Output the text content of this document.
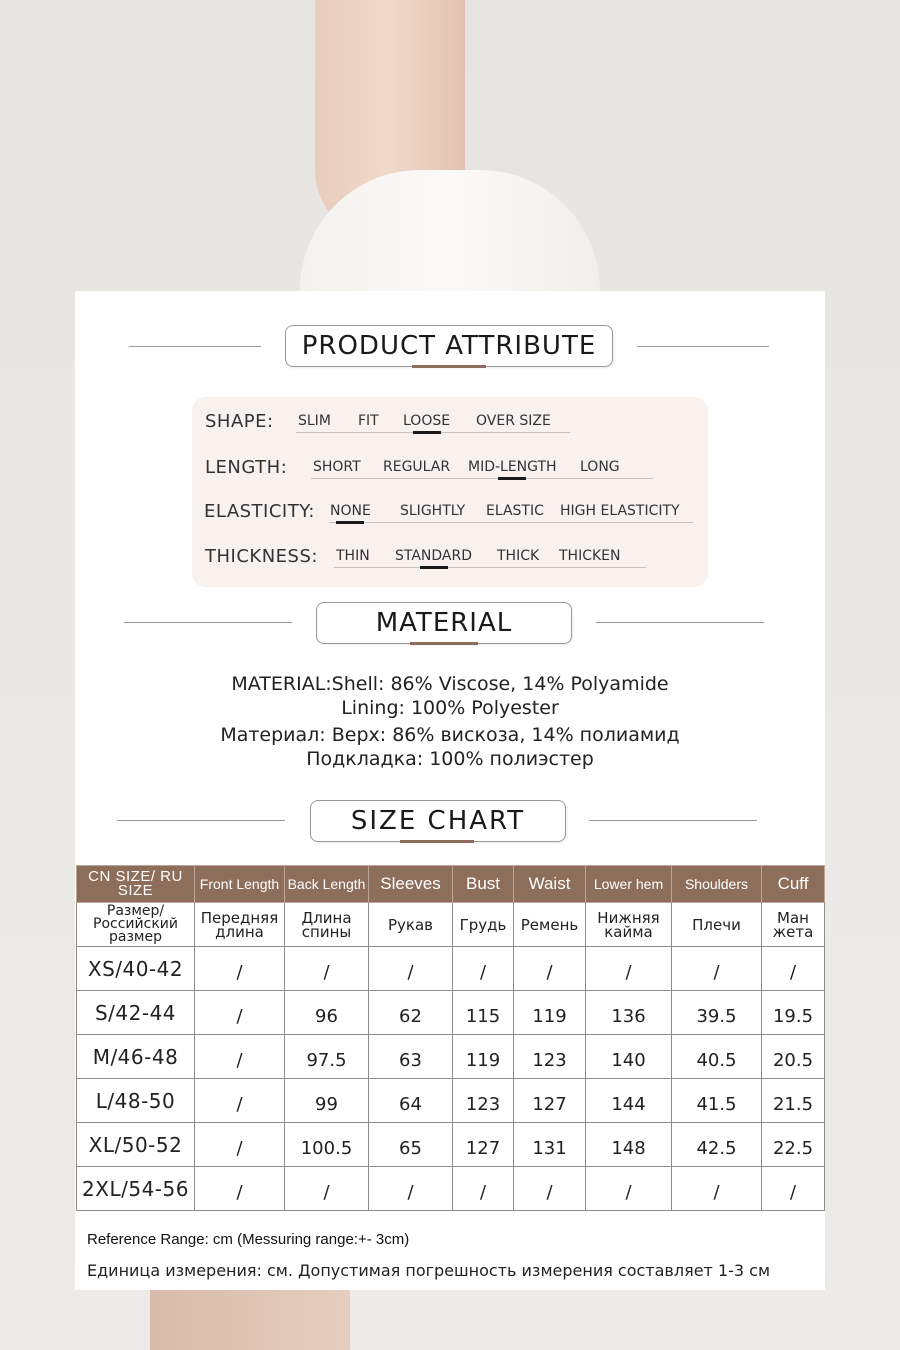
PRODUCT ATTRIBUTE
SHAPE: SLIM FIT LOOSE OVER SIZE
LENGTH: SHORT REGULAR MID-LENGTH LONG
ELASTICITY: NONE SLIGHTLY ELASTIC HIGH ELASTICITY
THICKNESS: THIN STANDARD THICK THICKEN
MATERIAL
MATERIAL:Shell: 86% Viscose, 14% Polyamide
Lining: 100% Polyester
Материал: Верх: 86% вискоза, 14% полиамид
Подкладка: 100% полиэстер
SIZE CHART
CN SIZE/ RU SIZE	Front Length	Back Length	Sleeves	Bust	Waist	Lower hem	Shoulders	Cuff
Размер/ Российский размер	Передняя длина	Длина спины	Рукав	Грудь	Ремень	Нижняя кайма	Плечи	Ман жета
XS/40-42	/	/	/	/	/	/	/	/
S/42-44	/	96	62	115	119	136	39.5	19.5
M/46-48	/	97.5	63	119	123	140	40.5	20.5
L/48-50	/	99	64	123	127	144	41.5	21.5
XL/50-52	/	100.5	65	127	131	148	42.5	22.5
2XL/54-56	/	/	/	/	/	/	/	/
Reference Range: cm (Messuring range:+- 3cm)
Единица измерения: см. Допустимая погрешность измерения составляет 1-3 см
